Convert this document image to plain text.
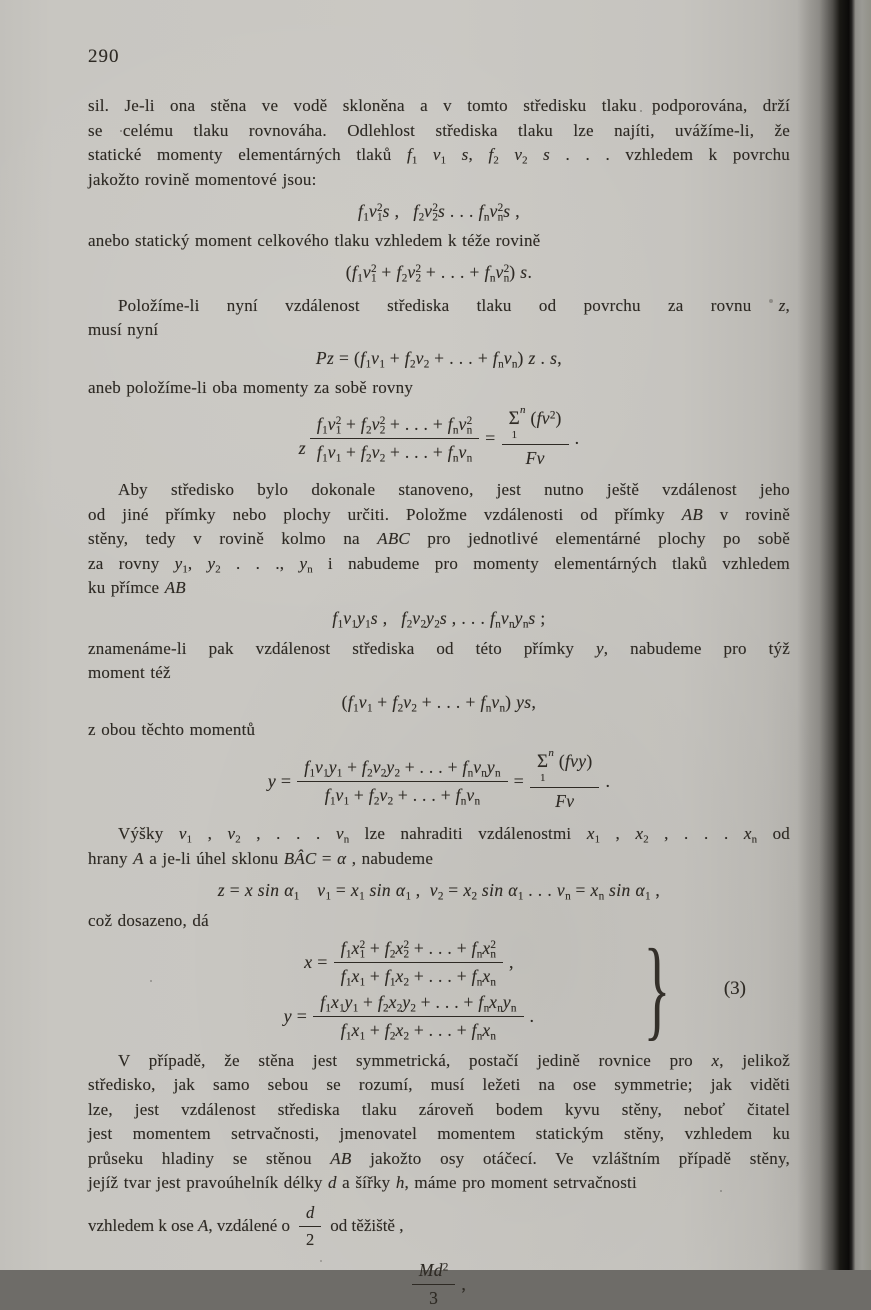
290

sil. Je-li ona stěna ve vodě skloněna a v tomto středisku tlaku podporována, drží
se celému tlaku rovnováha. Odlehlost střediska tlaku lze najíti, uvážíme-li, že
statické momenty elementárných tlaků $f_1$ $v_1$ s, $f_2$ $v_2$ s . . . vzhledem k povrchu
jakožto rovině momentové jsou:

$f_1v_1^2s$ ,  $f_2v_2^2s$ . . . $f_nv_n^2s$ ,

anebo statický moment celkového tlaku vzhledem k téže rovině

($f_1v_1^2 + f_2v_2^2$ + . . . + $f_nv_n^2$) s.

Položíme-li nyní vzdálenost střediska tlaku od povrchu za rovnu z,
musí nyní

$Pz = (f_1v_1 + f_2v_2$ + . . . + $f_nv_n$) z . s,

aneb položíme-li oba momenty za sobě rovny

z $\frac{f_1v_1^2 + f_2v_2^2 + . . . + f_nv_n^2}{f_1v_1 + f_2v_2 + . . . + f_nv_n}$ =
Σ n
1
$(fv^2)$
Fv
.

Aby středisko bylo dokonale stanoveno, jest nutno ještě vzdálenost jeho
od jiné přímky nebo plochy určiti. Položme vzdálenosti od přímky AB v rovině
stěny, tedy v rovině kolmo na ABC pro jednotlivé elementárné plochy po sobě
za rovny $y_1$, $y_2$ . . ., $y_n$ i nabudeme pro momenty elementárných tlaků vzhledem
ku přímce AB

$f_1v_1y_1s$ ,  $f_2v_2y_2s$ , . . . $f_nv_ny_ns$ ;

znamenáme-li pak vzdálenost střediska od této přímky y, nabudeme pro týž
moment též

($f_1v_1 + f_2v_2$ + . . . + $f_nv_n$) ys,

z obou těchto momentů

$y = \frac{f_1v_1y_1 + f_2v_2y_2 + . . . + f_nv_ny_n}{f_1v_1 + f_2v_2 + . . . + f_nv_n}$ =
Σ n
1
(fvy)
Fv
.

Výšky $v_1$ , $v_2$ , . . . $v_n$ lze nahraditi vzdálenostmi $x_1$ , $x_2$ , . . . $x_n$ od
hrany A a je-li úhel sklonu BÂC = α , nabudeme

z = x $\sin \alpha_1$  $v_1 = x_1$ $\sin \alpha_1$ , $v_2 = x_2$ $\sin \alpha_1$ . . . $v_n = x_n$ $\sin \alpha_1$ ,

což dosazeno, dá

$x = \frac{f_1x_1^2 + f_2x_2^2 + . . . + f_nx_n^2}{f_1x_1 + f_1x_2 + . . . + f_nx_n}$ ,
$y = \frac{f_1x_1y_1 + f_2x_2y_2 + . . . + f_nx_ny_n}{f_1x_1 + f_2x_2 + . . . + f_nx_n}$ . }	(3)

V případě, že stěna jest symmetrická, postačí jedině rovnice pro x, jelikož
středisko, jak samo sebou se rozumí, musí ležeti na ose symmetrie; jak viděti
lze, jest vzdálenost střediska tlaku zároveň bodem kyvu stěny, neboť čitatel
jest momentem setrvačnosti, jmenovatel momentem statickým stěny, vzhledem ku
průseku hladiny se stěnou AB jakožto osy otáčecí. Ve vzláštním případě stěny,
jejíž tvar jest pravoúhelník délky d a šířky h, máme pro moment setrvačnosti

vzhledem k ose A, vzdálené o $\frac{d}{2}$ od těžiště ,
$\frac{Md^2}{3}$ ,
